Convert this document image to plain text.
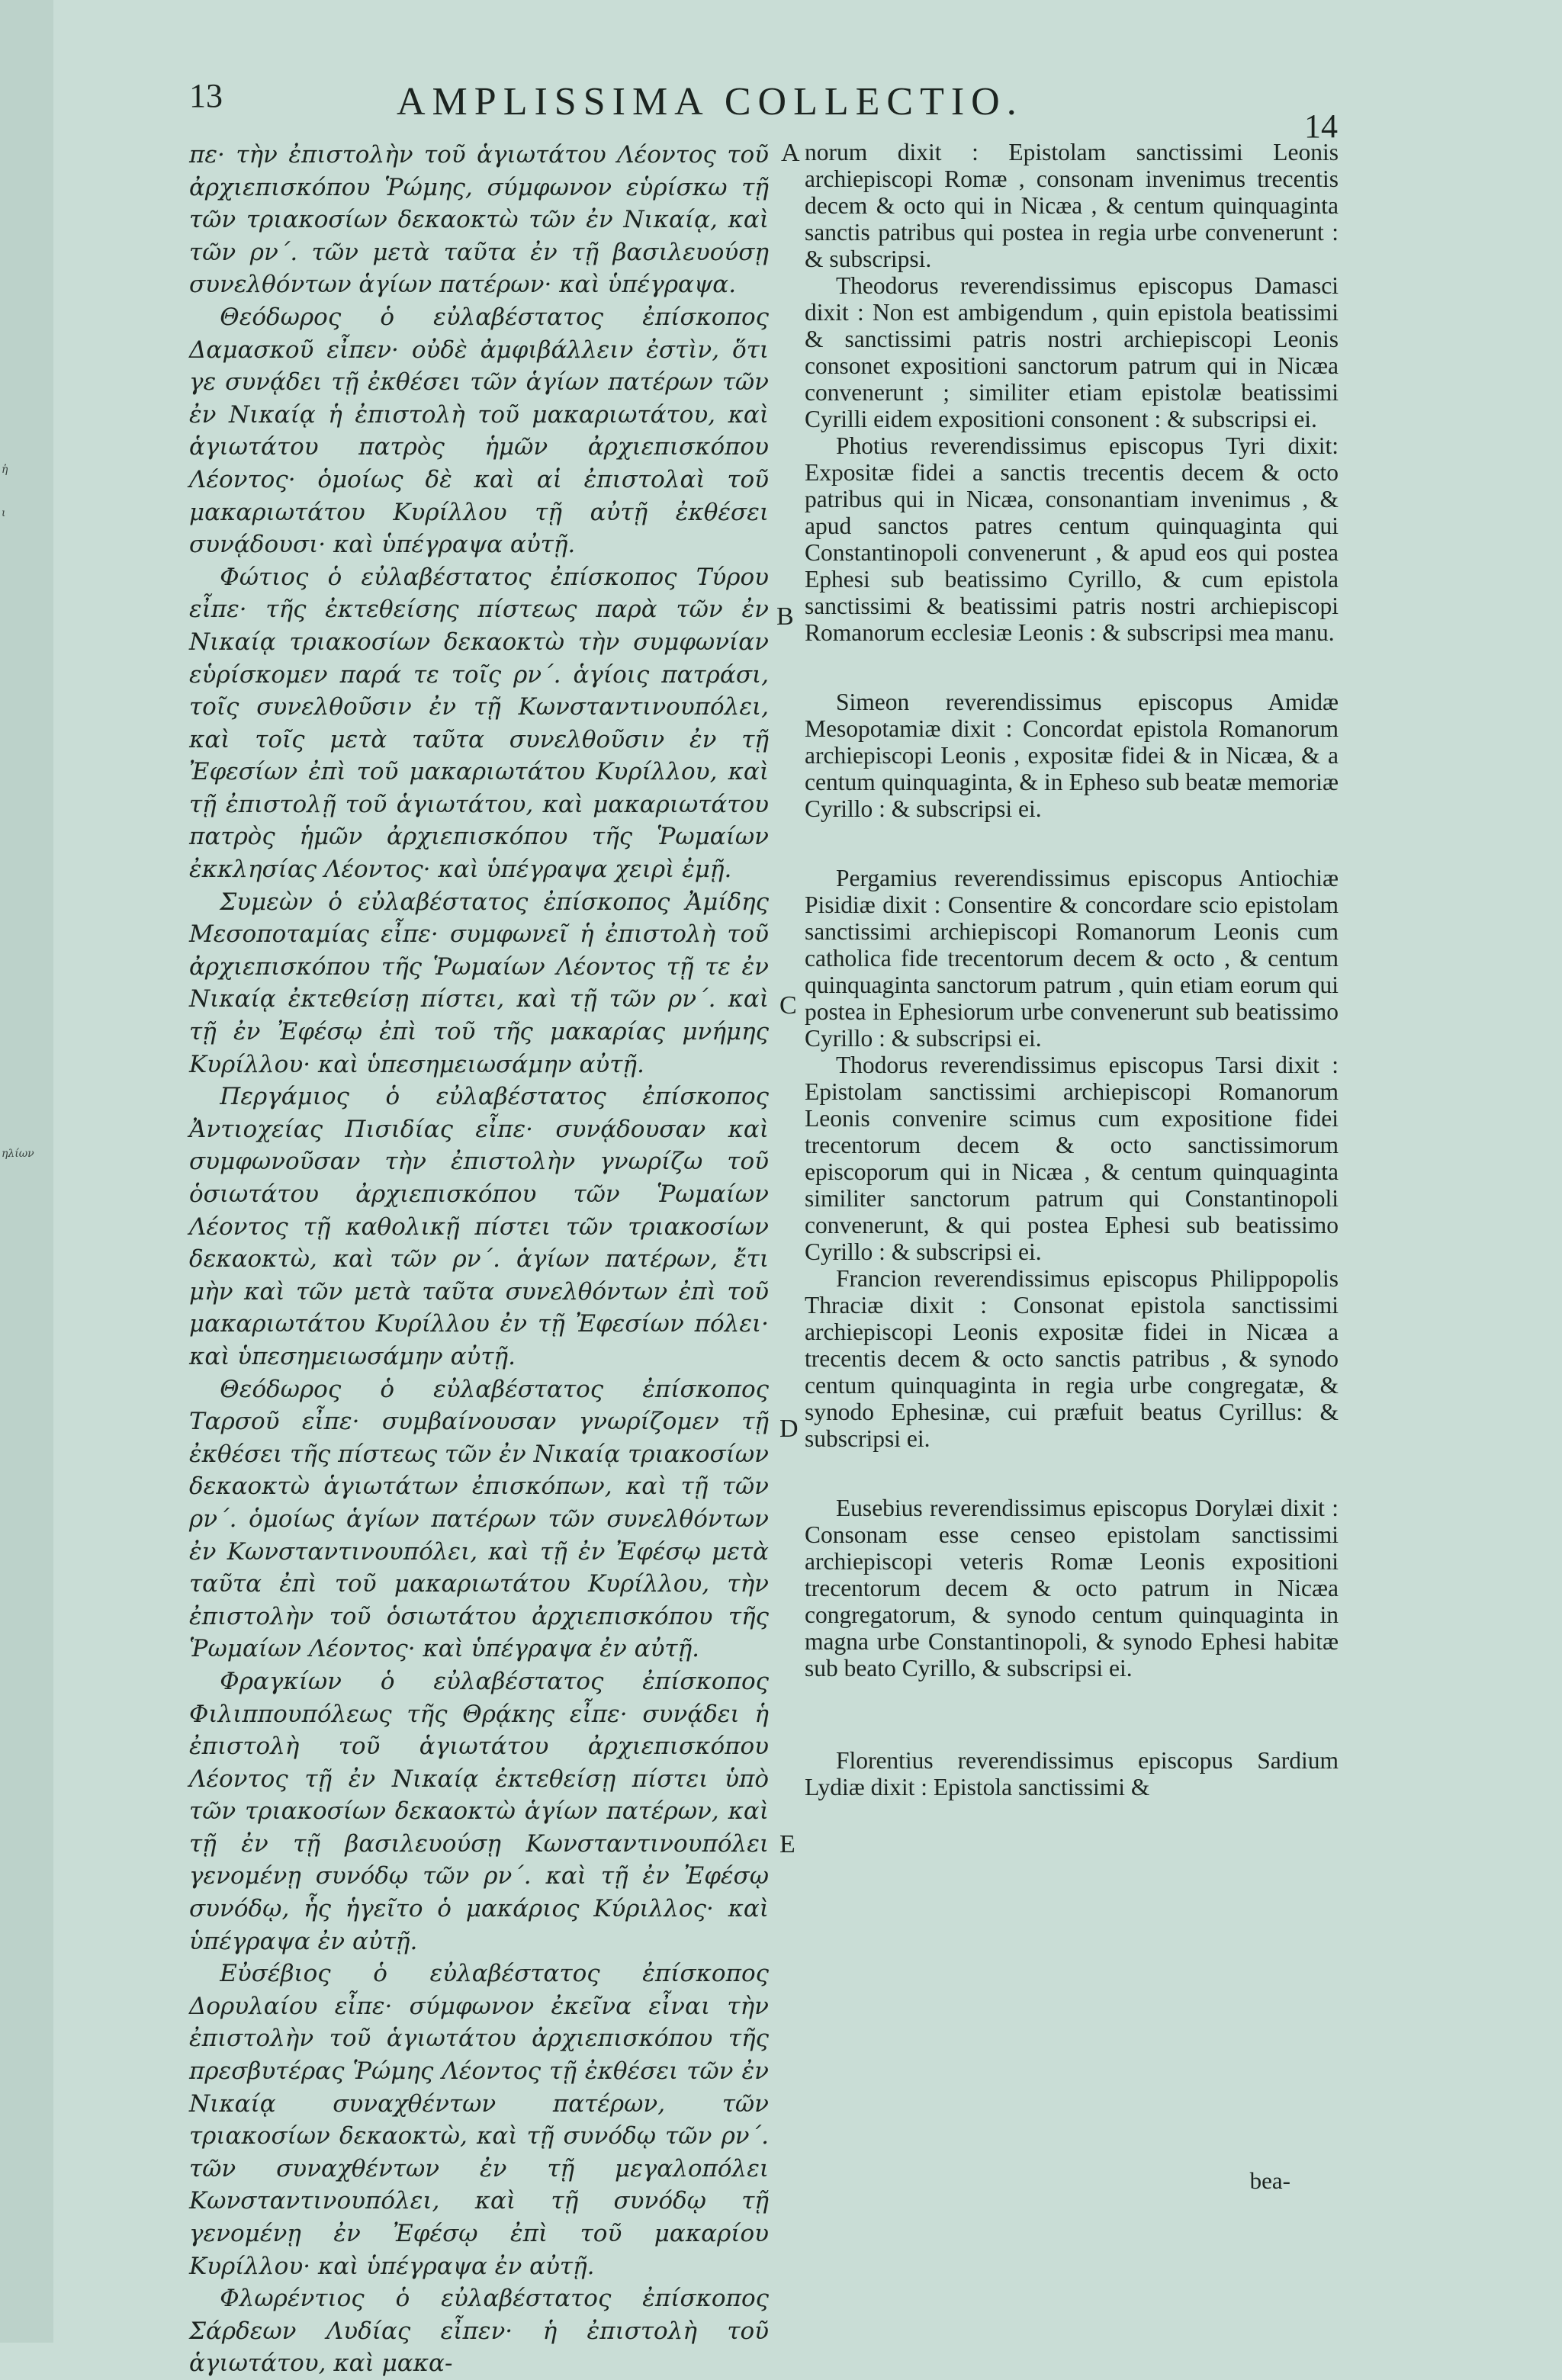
ἡ
ι
ηλίων
13	AMPLISSIMA COLLECTIO.
14
A
B
C
D
E

πε· τὴν ἐπιστολὴν τοῦ ἁγιωτάτου Λέοντος τοῦ ἀρχιεπισκόπου Ῥώμης, σύμφωνον εὑρίσκω τῇ τῶν τριακοσίων δεκαοκτὼ τῶν ἐν Νικαίᾳ, καὶ τῶν ρν΄. τῶν μετὰ ταῦτα ἐν τῇ βασιλευούσῃ συνελθόντων ἁγίων πατέρων· καὶ ὑπέγραψα.

Θεόδωρος ὁ εὐλαβέστατος ἐπίσκοπος Δαμασκοῦ εἶπεν· οὐδὲ ἀμφιβάλλειν ἐστὶν, ὅτι γε συνᾴδει τῇ ἐκθέσει τῶν ἁγίων πατέρων τῶν ἐν Νικαίᾳ ἡ ἐπιστολὴ τοῦ μακαριωτάτου, καὶ ἁγιωτάτου πατρὸς ἡμῶν ἀρχιεπισκόπου Λέοντος· ὁμοίως δὲ καὶ αἱ ἐπιστολαὶ τοῦ μακαριωτάτου Κυρίλλου τῇ αὐτῇ ἐκθέσει συνᾴδουσι· καὶ ὑπέγραψα αὐτῇ.

Φώτιος ὁ εὐλαβέστατος ἐπίσκοπος Τύρου εἶπε· τῆς ἐκτεθείσης πίστεως παρὰ τῶν ἐν Νικαίᾳ τριακοσίων δεκαοκτὼ τὴν συμφωνίαν εὑρίσκομεν παρά τε τοῖς ρν΄. ἁγίοις πατράσι, τοῖς συνελθοῦσιν ἐν τῇ Κωνσταντινουπόλει, καὶ τοῖς μετὰ ταῦτα συνελθοῦσιν ἐν τῇ Ἐφεσίων ἐπὶ τοῦ μακαριωτάτου Κυρίλλου, καὶ τῇ ἐπιστολῇ τοῦ ἁγιωτάτου, καὶ μακαριωτάτου πατρὸς ἡμῶν ἀρχιεπισκόπου τῆς Ῥωμαίων ἐκκλησίας Λέοντος· καὶ ὑπέγραψα χειρὶ ἐμῇ.

Συμεὼν ὁ εὐλαβέστατος ἐπίσκοπος Ἀμίδης Μεσοποταμίας εἶπε· συμφωνεῖ ἡ ἐπιστολὴ τοῦ ἀρχιεπισκόπου τῆς Ῥωμαίων Λέοντος τῇ τε ἐν Νικαίᾳ ἐκτεθείσῃ πίστει, καὶ τῇ τῶν ρν΄. καὶ τῇ ἐν Ἐφέσῳ ἐπὶ τοῦ τῆς μακαρίας μνήμης Κυρίλλου· καὶ ὑπεσημειωσάμην αὐτῇ.

Περγάμιος ὁ εὐλαβέστατος ἐπίσκοπος Ἀντιοχείας Πισιδίας εἶπε· συνᾴδουσαν καὶ συμφωνοῦσαν τὴν ἐπιστολὴν γνωρίζω τοῦ ὁσιωτάτου ἀρχιεπισκόπου τῶν Ῥωμαίων Λέοντος τῇ καθολικῇ πίστει τῶν τριακοσίων δεκαοκτὼ, καὶ τῶν ρν΄. ἁγίων πατέρων, ἔτι μὴν καὶ τῶν μετὰ ταῦτα συνελθόντων ἐπὶ τοῦ μακαριωτάτου Κυρίλλου ἐν τῇ Ἐφεσίων πόλει· καὶ ὑπεσημειωσάμην αὐτῇ.

Θεόδωρος ὁ εὐλαβέστατος ἐπίσκοπος Ταρσοῦ εἶπε· συμβαίνουσαν γνωρίζομεν τῇ ἐκθέσει τῆς πίστεως τῶν ἐν Νικαίᾳ τριακοσίων δεκαοκτὼ ἁγιωτάτων ἐπισκόπων, καὶ τῇ τῶν ρν΄. ὁμοίως ἁγίων πατέρων τῶν συνελθόντων ἐν Κωνσταντινουπόλει, καὶ τῇ ἐν Ἐφέσῳ μετὰ ταῦτα ἐπὶ τοῦ μακαριωτάτου Κυρίλλου, τὴν ἐπιστολὴν τοῦ ὁσιωτάτου ἀρχιεπισκόπου τῆς Ῥωμαίων Λέοντος· καὶ ὑπέγραψα ἐν αὐτῇ.

Φραγκίων ὁ εὐλαβέστατος ἐπίσκοπος Φιλιππουπόλεως τῆς Θρᾴκης εἶπε· συνᾴδει ἡ ἐπιστολὴ τοῦ ἁγιωτάτου ἀρχιεπισκόπου Λέοντος τῇ ἐν Νικαίᾳ ἐκτεθείσῃ πίστει ὑπὸ τῶν τριακοσίων δεκαοκτὼ ἁγίων πατέρων, καὶ τῇ ἐν τῇ βασιλευούσῃ Κωνσταντινουπόλει γενομένῃ συνόδῳ τῶν ρν΄. καὶ τῇ ἐν Ἐφέσῳ συνόδῳ, ἧς ἡγεῖτο ὁ μακάριος Κύριλλος· καὶ ὑπέγραψα ἐν αὐτῇ.

Εὐσέβιος ὁ εὐλαβέστατος ἐπίσκοπος Δορυλαίου εἶπε· σύμφωνον ἐκεῖνα εἶναι τὴν ἐπιστολὴν τοῦ ἁγιωτάτου ἀρχιεπισκόπου τῆς πρεσβυτέρας Ῥώμης Λέοντος τῇ ἐκθέσει τῶν ἐν Νικαίᾳ συναχθέντων πατέρων, τῶν τριακοσίων δεκαοκτὼ, καὶ τῇ συνόδῳ τῶν ρν΄. τῶν συναχθέντων ἐν τῇ μεγαλοπόλει Κωνσταντινουπόλει, καὶ τῇ συνόδῳ τῇ γενομένῃ ἐν Ἐφέσῳ ἐπὶ τοῦ μακαρίου Κυρίλλου· καὶ ὑπέγραψα ἐν αὐτῇ.

Φλωρέντιος ὁ εὐλαβέστατος ἐπίσκοπος Σάρδεων Λυδίας εἶπεν· ἡ ἐπιστολὴ τοῦ ἁγιωτάτου, καὶ μακα-

norum dixit : Epistolam sanctissimi Leonis archiepiscopi Romæ , consonam invenimus trecentis decem & octo qui in Nicæa , & centum quinquaginta sanctis patribus qui postea in regia urbe convenerunt : & subscripsi.

Theodorus reverendissimus episcopus Damasci dixit : Non est ambigendum , quin epistola beatissimi & sanctissimi patris nostri archiepiscopi Leonis consonet expositioni sanctorum patrum qui in Nicæa convenerunt ; similiter etiam epistolæ beatissimi Cyrilli eidem expositioni consonent : & subscripsi ei.

Photius reverendissimus episcopus Tyri dixit: Expositæ fidei a sanctis trecentis decem & octo patribus qui in Nicæa, consonantiam invenimus , & apud sanctos patres centum quinquaginta qui Constantinopoli convenerunt , & apud eos qui postea Ephesi sub beatissimo Cyrillo, & cum epistola sanctissimi & beatissimi patris nostri archiepiscopi Romanorum ecclesiæ Leonis : & subscripsi mea manu.

Simeon reverendissimus episcopus Amidæ Mesopotamiæ dixit : Concordat epistola Romanorum archiepiscopi Leonis , expositæ fidei & in Nicæa, & a centum quinquaginta, & in Epheso sub beatæ memoriæ Cyrillo : & subscripsi ei.

Pergamius reverendissimus episcopus Antiochiæ Pisidiæ dixit : Consentire & concordare scio epistolam sanctissimi archiepiscopi Romanorum Leonis cum catholica fide trecentorum decem & octo , & centum quinquaginta sanctorum patrum , quin etiam eorum qui postea in Ephesiorum urbe convenerunt sub beatissimo Cyrillo : & subscripsi ei.

Thodorus reverendissimus episcopus Tarsi dixit : Epistolam sanctissimi archiepiscopi Romanorum Leonis convenire scimus cum expositione fidei trecentorum decem & octo sanctissimorum episcoporum qui in Nicæa , & centum quinquaginta similiter sanctorum patrum qui Constantinopoli convenerunt, & qui postea Ephesi sub beatissimo Cyrillo : & subscripsi ei.

Francion reverendissimus episcopus Philippopolis Thraciæ dixit : Consonat epistola sanctissimi archiepiscopi Leonis expositæ fidei in Nicæa a trecentis decem & octo sanctis patribus , & synodo centum quinquaginta in regia urbe congregatæ, & synodo Ephesinæ, cui præfuit beatus Cyrillus: & subscripsi ei.

Eusebius reverendissimus episcopus Dorylæi dixit : Consonam esse censeo epistolam sanctissimi archiepiscopi veteris Romæ Leonis expositioni trecentorum decem & octo patrum in Nicæa congregatorum, & synodo centum quinquaginta in magna urbe Constantinopoli, & synodo Ephesi habitæ sub beato Cyrillo, & subscripsi ei.

Florentius reverendissimus episcopus Sardium Lydiæ dixit : Epistola sanctissimi &

bea-
